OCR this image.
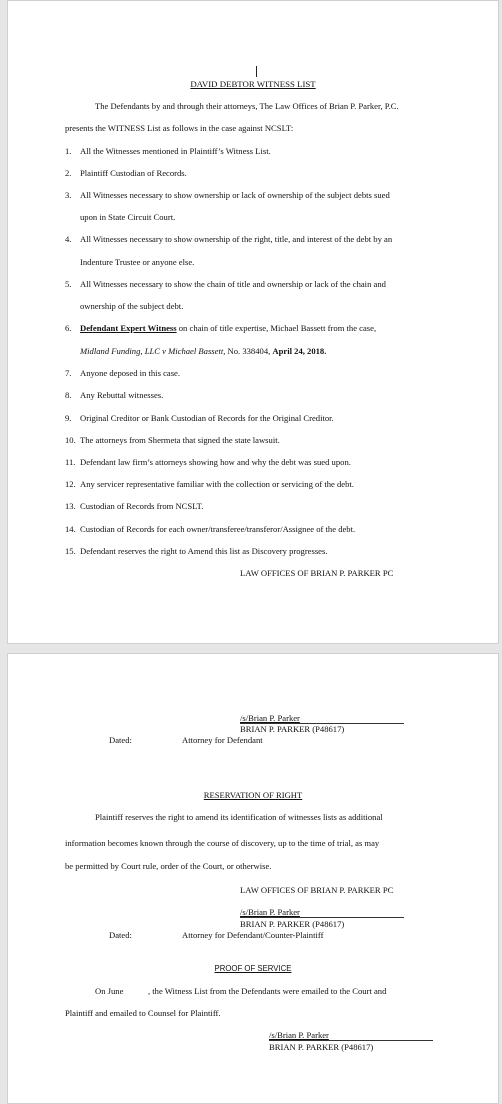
DAVID DEBTOR WITNESS LIST
The Defendants by and through their attorneys, The Law Offices of Brian P. Parker, P.C.
presents the WITNESS List as follows in the case against NCSLT:
1. All the Witnesses mentioned in Plaintiff’s Witness List.
2. Plaintiff Custodian of Records.
3. All Witnesses necessary to show ownership or lack of ownership of the subject debts sued
upon in State Circuit Court.
4. All Witnesses necessary to show ownership of the right, title, and interest of the debt by an
Indenture Trustee or anyone else.
5. All Witnesses necessary to show the chain of title and ownership or lack of the chain and
ownership of the subject debt.
6. Defendant Expert Witness on chain of title expertise, Michael Bassett from the case,
Midland Funding, LLC v Michael Bassett, No. 338404, April 24, 2018.
7. Anyone deposed in this case.
8. Any Rebuttal witnesses.
9. Original Creditor or Bank Custodian of Records for the Original Creditor.
10. The attorneys from Shermeta that signed the state lawsuit.
11. Defendant law firm’s attorneys showing how and why the debt was sued upon.
12. Any servicer representative familiar with the collection or servicing of the debt.
13. Custodian of Records from NCSLT.
14. Custodian of Records for each owner/transferee/transferor/Assignee of the debt.
15. Defendant reserves the right to Amend this list as Discovery progresses.
LAW OFFICES OF BRIAN P. PARKER PC
/s/Brian P. Parker
BRIAN P. PARKER (P48617)
Dated:	Attorney for Defendant
RESERVATION OF RIGHT
Plaintiff reserves the right to amend its identification of witnesses lists as additional
information becomes known through the course of discovery, up to the time of trial, as may
be permitted by Court rule, order of the Court, or otherwise.
LAW OFFICES OF BRIAN P. PARKER PC
/s/Brian P. Parker
BRIAN P. PARKER (P48617)
Dated:	Attorney for Defendant/Counter-Plaintiff
PROOF OF SERVICE
On June	, the Witness List from the Defendants were emailed to the Court and
Plaintiff and emailed to Counsel for Plaintiff.
/s/Brian P. Parker
BRIAN P. PARKER (P48617)
